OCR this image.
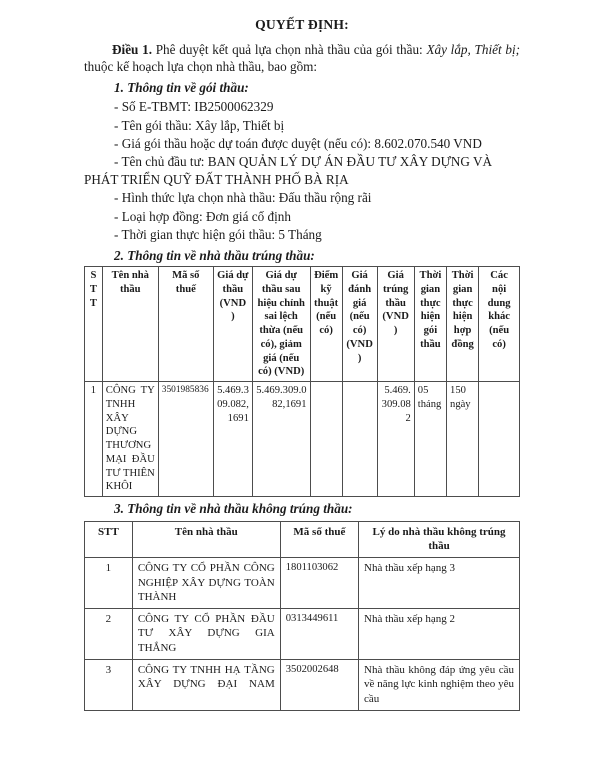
QUYẾT ĐỊNH:

Điều 1. Phê duyệt kết quả lựa chọn nhà thầu của gói thầu: Xây lắp, Thiết bị; thuộc kế hoạch lựa chọn nhà thầu, bao gồm:

1. Thông tin về gói thầu:
- Số E-TBMT: IB2500062329
- Tên gói thầu: Xây lắp, Thiết bị
- Giá gói thầu hoặc dự toán được duyệt (nếu có): 8.602.070.540 VND
- Tên chủ đầu tư: BAN QUẢN LÝ DỰ ÁN ĐẦU TƯ XÂY DỰNG VÀ PHÁT TRIỂN QUỸ ĐẤT THÀNH PHỐ BÀ RỊA
- Hình thức lựa chọn nhà thầu: Đấu thầu rộng rãi
- Loại hợp đồng: Đơn giá cố định
- Thời gian thực hiện gói thầu: 5 Tháng
2. Thông tin về nhà thầu trúng thầu:
S T T	Tên nhà thầu	Mã số thuế	Giá dự thầu (VND )	Giá dự thầu sau hiệu chỉnh sai lệch thừa (nếu có), giảm giá (nếu có) (VND)	Điểm kỹ thuật (nếu có)	Giá đánh giá (nếu có) (VND )	Giá trúng thầu (VND )	Thời gian thực hiện gói thầu	Thời gian thực hiện hợp đồng	Các nội dung khác (nếu có)
1	CÔNG TY TNHH XÂY DỰNG THƯƠNG MẠI ĐẦU TƯ THIÊN KHÔI	3501985836	5.469.309.082,1691	5.469.309.082,1691			5.469.309.082	05 tháng	150 ngày	
3. Thông tin về nhà thầu không trúng thầu:
STT	Tên nhà thầu	Mã số thuế	Lý do nhà thầu không trúng thầu
1	CÔNG TY CỔ PHẦN CÔNG NGHIỆP XÂY DỰNG TOÀN THÀNH	1801103062	Nhà thầu xếp hạng 3
2	CÔNG TY CỔ PHẦN ĐẦU TƯ XÂY DỰNG GIA THẮNG	0313449611	Nhà thầu xếp hạng 2
3	CÔNG TY TNHH HẠ TẦNG XÂY DỰNG ĐẠI NAM	3502002648	Nhà thầu không đáp ứng yêu cầu về năng lực kinh nghiệm theo yêu cầu
